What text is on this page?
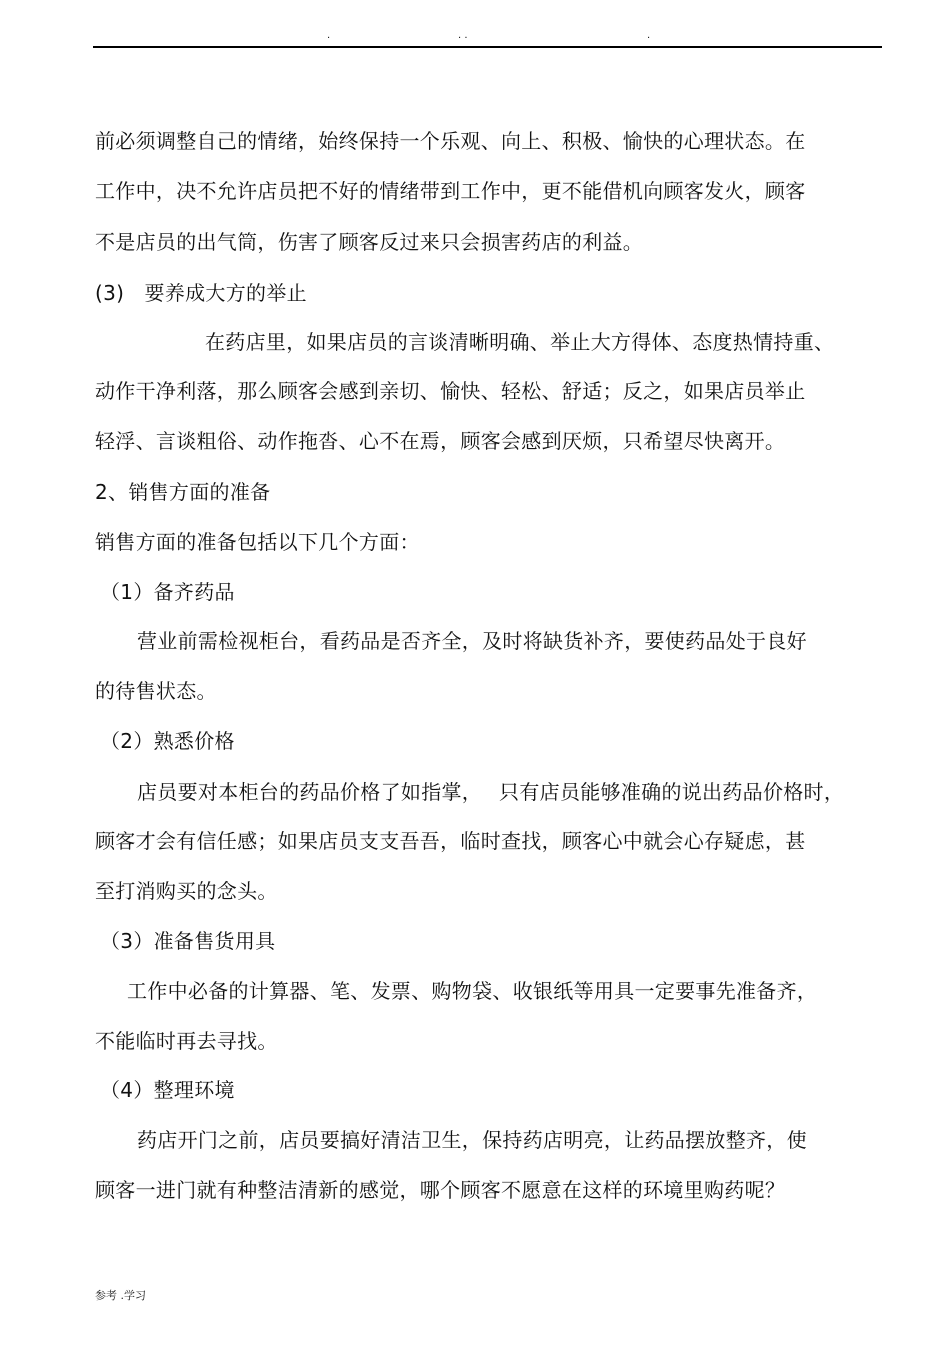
.	. .	.
前必须调整自己的情绪，始终保持一个乐观、向上、积极、愉快的心理状态。在
工作中，决不允许店员把不好的情绪带到工作中，更不能借机向顾客发火，顾客
不是店员的出气筒，伤害了顾客反过来只会损害药店的利益。
(3)　要养成大方的举止
在药店里，如果店员的言谈清晰明确、举止大方得体、态度热情持重、
动作干净利落，那么顾客会感到亲切、愉快、轻松、舒适；反之，如果店员举止
轻浮、言谈粗俗、动作拖沓、心不在焉，顾客会感到厌烦，只希望尽快离开。
2、销售方面的准备
销售方面的准备包括以下几个方面：
（1）备齐药品
营业前需检视柜台，看药品是否齐全，及时将缺货补齐，要使药品处于良好
的待售状态。
（2）熟悉价格
店员要对本柜台的药品价格了如指掌，　 只有店员能够准确的说出药品价格时，
顾客才会有信任感；如果店员支支吾吾，临时查找，顾客心中就会心存疑虑，甚
至打消购买的念头。
（3）准备售货用具
工作中必备的计算器、笔、发票、购物袋、收银纸等用具一定要事先准备齐，
不能临时再去寻找。
（4）整理环境
药店开门之前，店员要搞好清洁卫生，保持药店明亮，让药品摆放整齐，使
顾客一进门就有种整洁清新的感觉，哪个顾客不愿意在这样的环境里购药呢？
参考 .学习
